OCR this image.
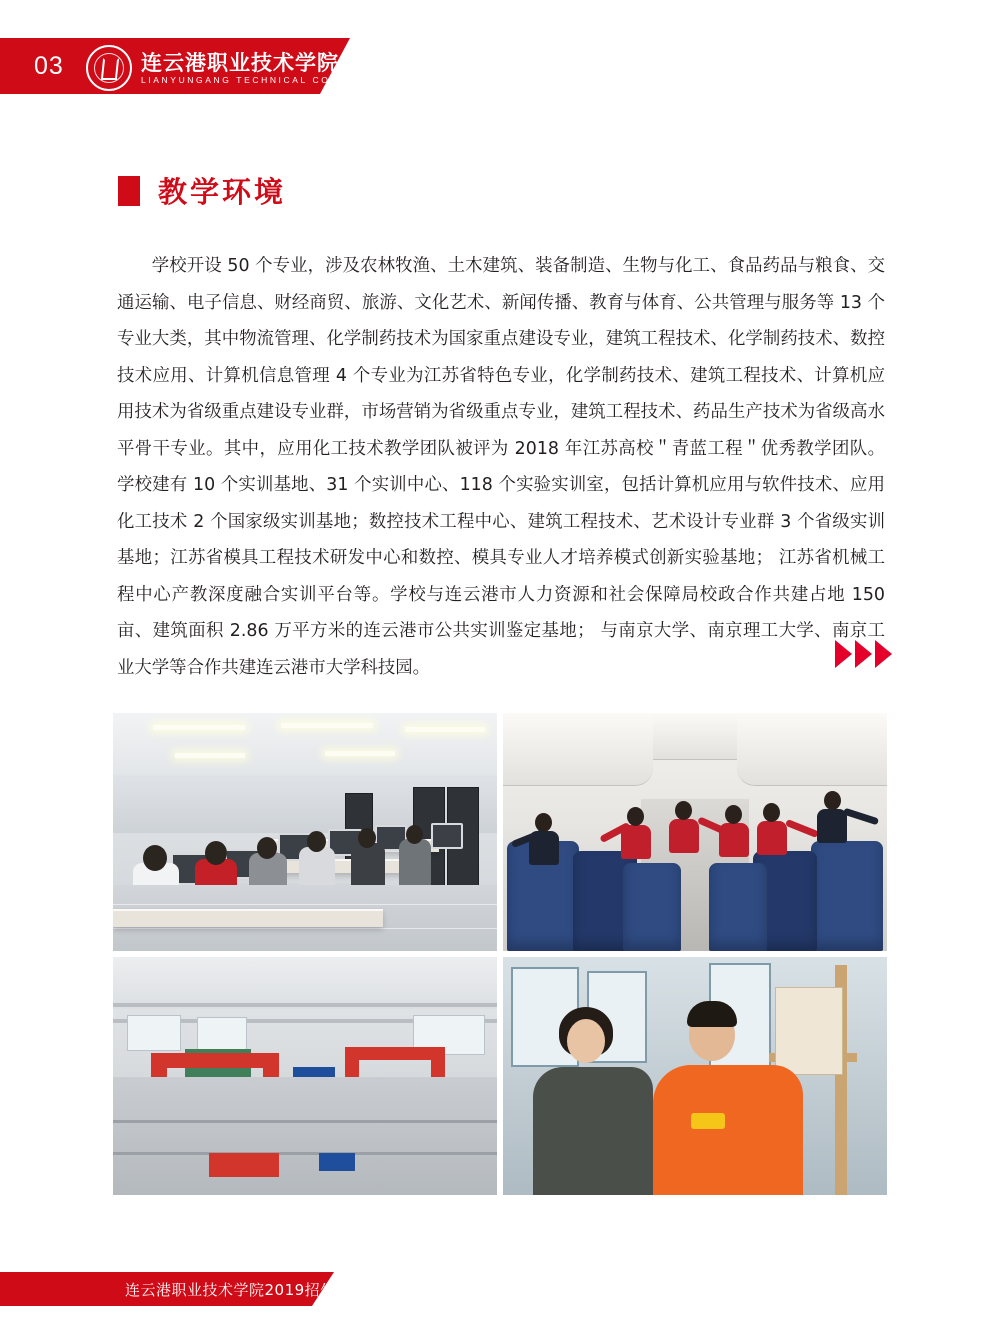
03	连云港职业技术学院
LIANYUNGANG TECHNICAL COLLEGE
教学环境
学校开设 50 个专业，涉及农林牧渔、土木建筑、装备制造、生物与化工、食品药品与粮食、交通运输、电子信息、财经商贸、旅游、文化艺术、新闻传播、教育与体育、公共管理与服务等 13 个专业大类，其中物流管理、化学制药技术为国家重点建设专业，建筑工程技术、化学制药技术、数控技术应用、计算机信息管理 4 个专业为江苏省特色专业，化学制药技术、建筑工程技术、计算机应用技术为省级重点建设专业群，市场营销为省级重点专业，建筑工程技术、药品生产技术为省级高水平骨干专业。其中，应用化工技术教学团队被评为 2018 年江苏高校＂青蓝工程＂优秀教学团队。学校建有 10 个实训基地、31 个实训中心、118 个实验实训室，包括计算机应用与软件技术、应用化工技术 2 个国家级实训基地；数控技术工程中心、建筑工程技术、艺术设计专业群 3 个省级实训基地；江苏省模具工程技术研发中心和数控、模具专业人才培养模式创新实验基地； 江苏省机械工程中心产教深度融合实训平台等。学校与连云港市人力资源和社会保障局校政合作共建占地 150 亩、建筑面积 2.86 万平方米的连云港市公共实训鉴定基地； 与南京大学、南京理工大学、南京工业大学等合作共建连云港市大学科技园。
连云港职业技术学院2019招生简章
